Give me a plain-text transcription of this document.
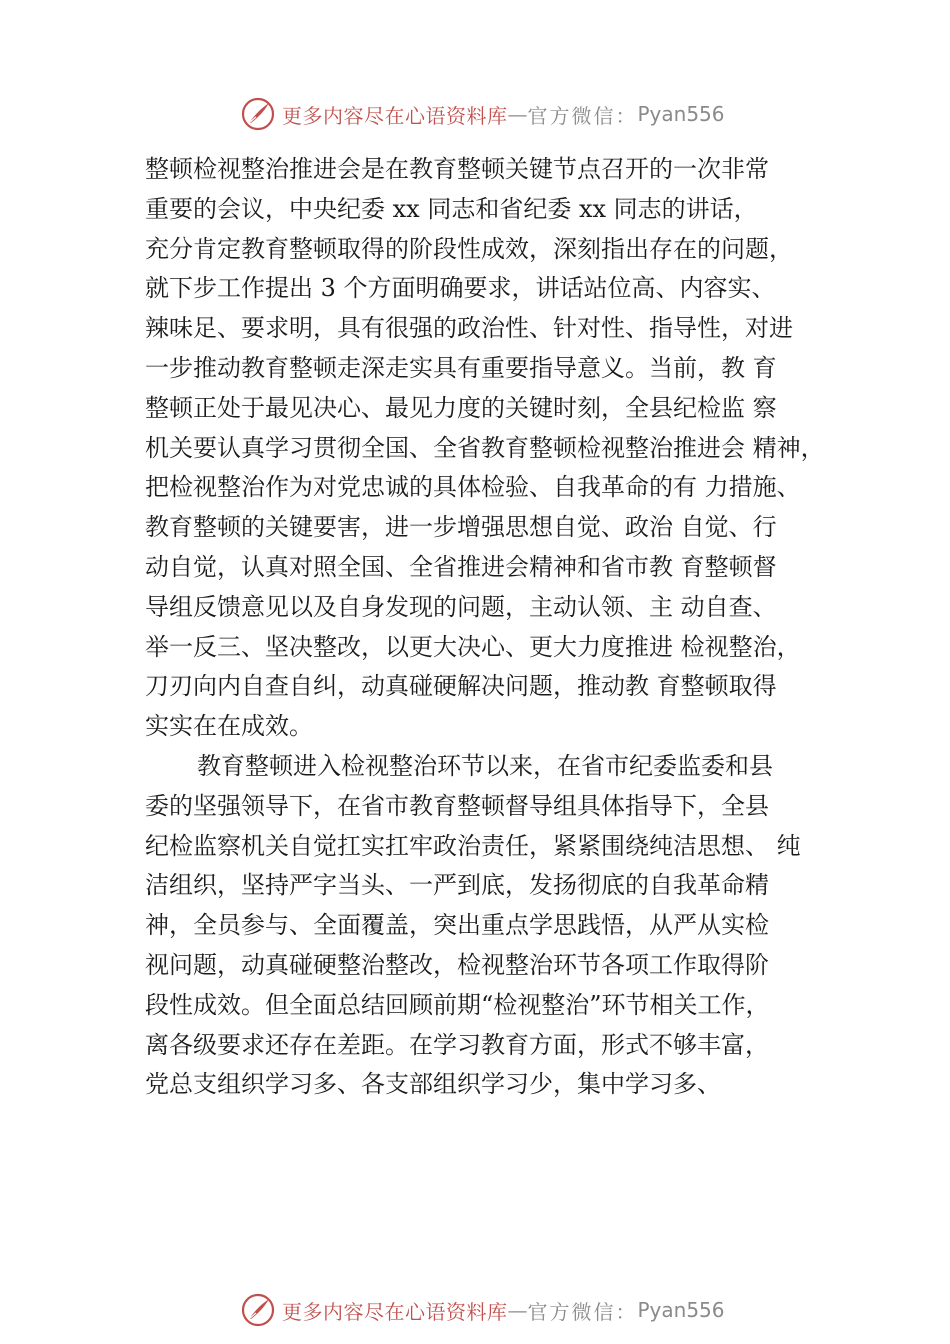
更多内容尽在心语资料库 — 官方微信： Pyan556
整顿检视整治推进会是在教育整顿关键节点召开的一次非常
重要的会议，中央纪委 xx 同志和省纪委 xx 同志的讲话，
充分肯定教育整顿取得的阶段性成效，深刻指出存在的问题，
就下步工作提出 3 个方面明确要求，讲话站位高、内容实、
辣味足、要求明，具有很强的政治性、针对性、指导性，对进
一步推动教育整顿走深走实具有重要指导意义。当前，教 育
整顿正处于最见决心、最见力度的关键时刻，全县纪检监 察
机关要认真学习贯彻全国、全省教育整顿检视整治推进会 精神，
把检视整治作为对党忠诚的具体检验、自我革命的有 力措施、
教育整顿的关键要害，进一步增强思想自觉、政治 自觉、行
动自觉，认真对照全国、全省推进会精神和省市教 育整顿督
导组反馈意见以及自身发现的问题，主动认领、主 动自查、
举一反三、坚决整改，以更大决心、更大力度推进 检视整治，
刀刃向内自查自纠，动真碰硬解决问题，推动教 育整顿取得
实实在在成效。
教育整顿进入检视整治环节以来，在省市纪委监委和县
委的坚强领导下，在省市教育整顿督导组具体指导下，全县
纪检监察机关自觉扛实扛牢政治责任，紧紧围绕纯洁思想、 纯
洁组织，坚持严字当头、一严到底，发扬彻底的自我革命精
神，全员参与、全面覆盖，突出重点学思践悟，从严从实检
视问题，动真碰硬整治整改，检视整治环节各项工作取得阶
段性成效。但全面总结回顾前期“检视整治”环节相关工作，
离各级要求还存在差距。在学习教育方面，形式不够丰富，
党总支组织学习多、各支部组织学习少，集中学习多、
更多内容尽在心语资料库 — 官方微信： Pyan556
